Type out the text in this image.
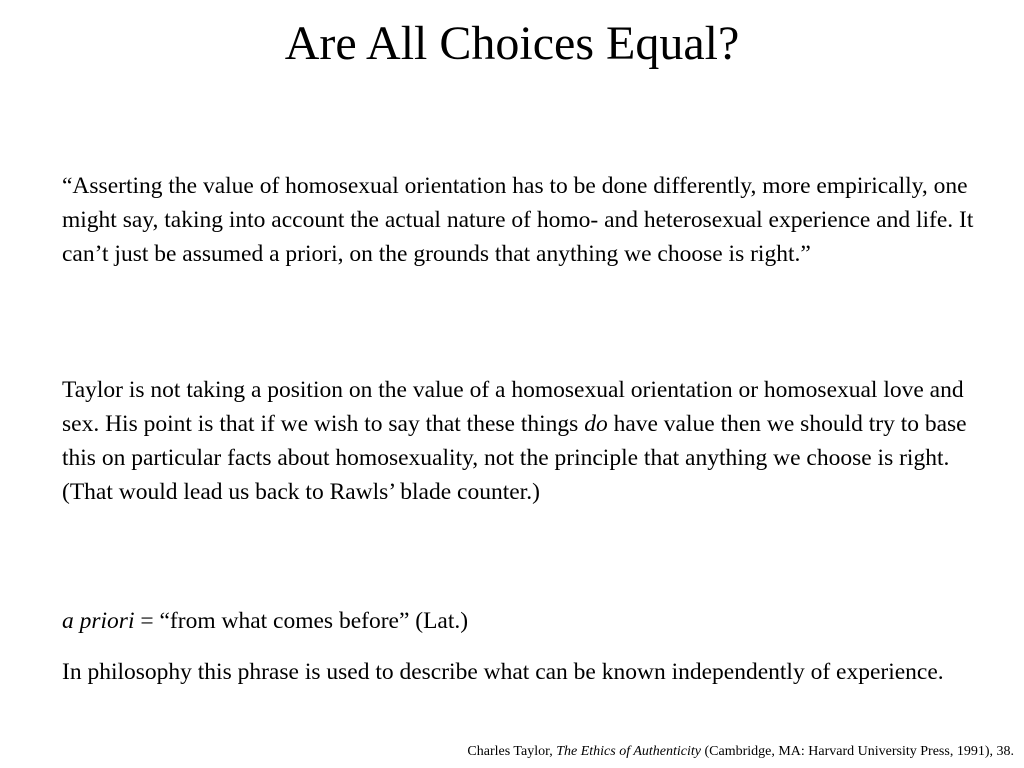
Are All Choices Equal?

“Asserting the value of homosexual orientation has to be done differently, more empirically, one might say, taking into account the actual nature of homo- and heterosexual experience and life. It can’t just be assumed a priori, on the grounds that anything we choose is right.”

Taylor is not taking a position on the value of a homosexual orientation or homosexual love and sex. His point is that if we wish to say that these things do have value then we should try to base this on particular facts about homosexuality, not the principle that anything we choose is right. (That would lead us back to Rawls’ blade counter.)

a priori = “from what comes before” (Lat.)

In philosophy this phrase is used to describe what can be known independently of experience.

Charles Taylor, The Ethics of Authenticity (Cambridge, MA: Harvard University Press, 1991), 38.
